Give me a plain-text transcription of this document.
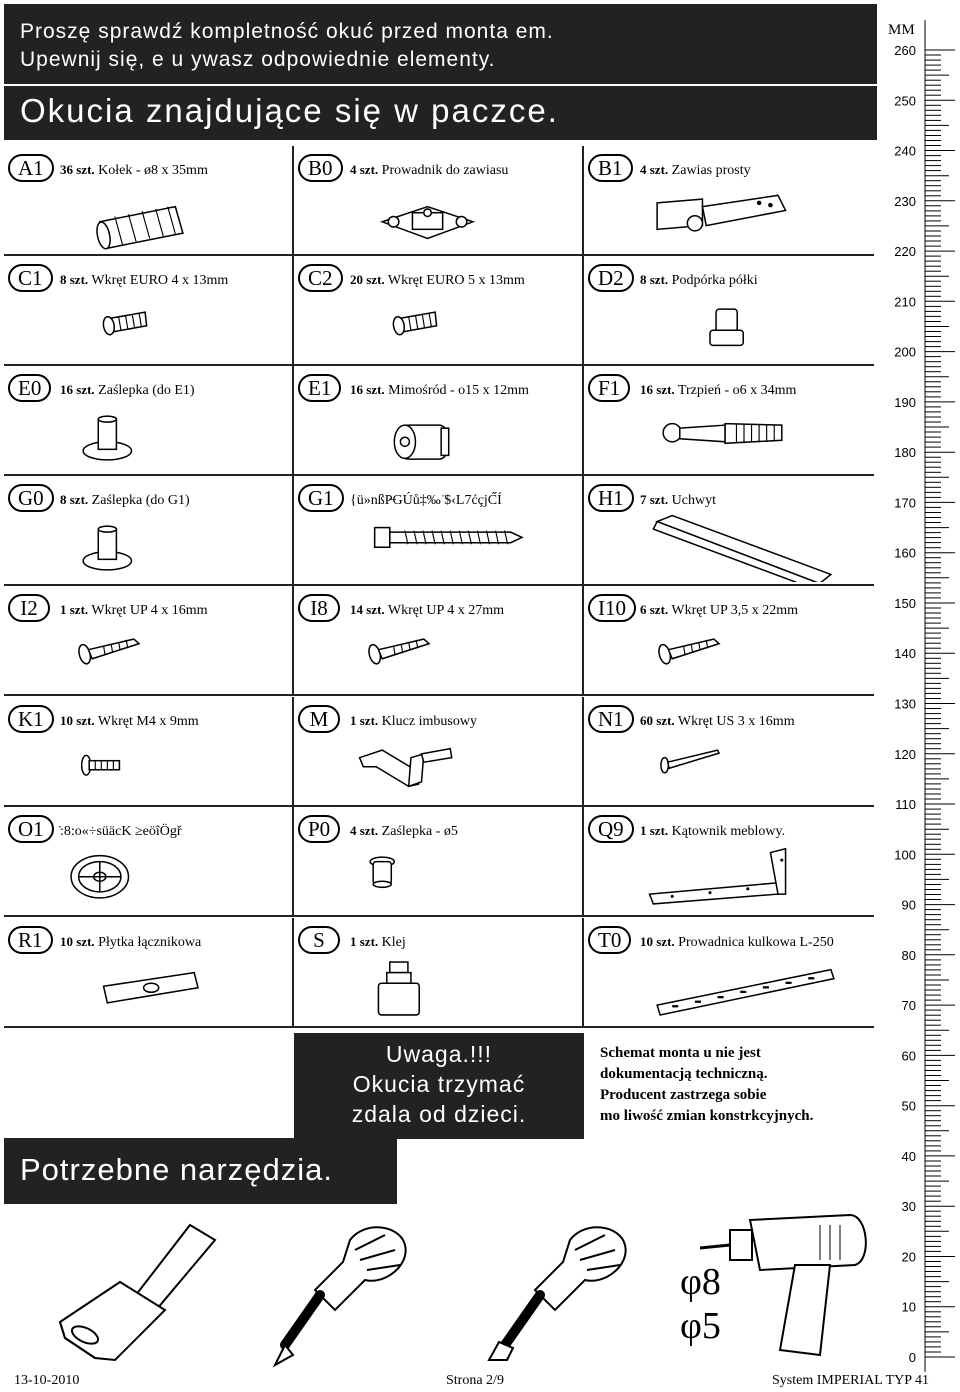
Proszę sprawdź kompletność okuć przed monta em.
Upewnij się, e u ywasz odpowiednie elementy.
Okucia znajdujące się w paczce.
A1	36 szt. Kołek - ø8 x 35mm	B0	4 szt. Prowadnik do zawiasu	B1	4 szt. Zawias prosty
C1	8 szt. Wkręt EURO 4 x 13mm	C2	20 szt. Wkręt EURO 5 x 13mm	D2	8 szt. Podpórka półki
E0	16 szt. Zaślepka (do E1)	E1	16 szt. Mimośród - ο15 x 12mm	F1	16 szt. Trzpień - ο6 x 34mm
G0	8 szt. Zaślepka (do G1)	G1	{ü»nßP̶GÚů‡‰ ̈$‹L7ćçjĆ́Í	H1	7 szt. Uchwyt
I2	1 szt. Wkręt UP 4 x 16mm	I8	14 szt. Wkręt UP 4 x 27mm	I10	6 szt. Wkręt UP 3,5 x 22mm
K1	10 szt. Wkręt M4 x 9mm	M	1 szt. Klucz imbusowy	N1	60 szt. Wkręt US 3 x 16mm
O1	̇:8:o«÷süäcK ≥eöîÖgř	P0	4 szt. Zaślepka - ø5	Q9	1 szt. Kątownik meblowy.
R1	10 szt. Płytka łącznikowa	S	1 szt. Klej	T0	10 szt. Prowadnica kulkowa L-250
Uwaga.!!!
Okucia trzymać
zdala od dzieci.
Schemat monta u nie jest
dokumentacją techniczną.
Producent zastrzega sobie
mo liwość zmian konstrkcyjnych.
Potrzebne narzędzia.
φ8
φ5
MM
260
250
240
230
220
210
200
190
180
170
160
150
140
130
120
110
100
90
80
70
60
50
40
30
20
10
0
13-10-2010	Strona 2/9	System IMPERIAL TYP 41
